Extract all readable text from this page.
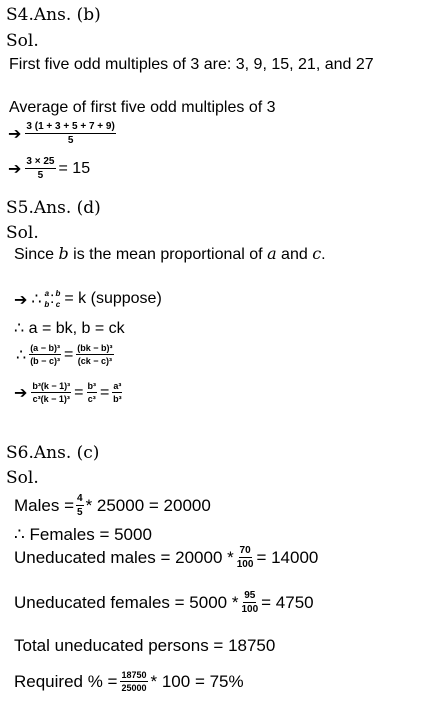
S4.Ans. (b)
Sol.
First five odd multiples of 3 are: 3, 9, 15, 21, and 27
Average of first five odd multiples of 3
➔ $\frac{3 (1 + 3 + 5 + 7 + 9)}{5}$
➔ $\frac{3 \times 25}{5} = 15$
S5.Ans. (d)
Sol.
Since b is the mean proportional of a and c.
➔ ∴ a
b : b
c = k (suppose)
∴ a = bk, b = ck
∴ $\frac{\text{(a − b)³}}{\text{(b − c)³}} = \frac{\text{(bk − b)³}}{\text{(ck − c)³}}$
➔ $\frac{\text{b³(k − 1)³}}{\text{c³(k − 1)³}} = \frac{\text{b³}}{\text{c³}} = \frac{\text{a³}}{\text{b³}}$
S6.Ans. (c)
Sol.
Males = $\frac{4}{5} * 25000 = 20000$
∴ Females = 5000
Uneducated males = $20000 * \frac{70}{100} = 14000$
Uneducated females = $5000 * \frac{95}{100} = 4750$
Total uneducated persons = 18750
Required % = $\frac{18750}{25000} * 100 = 75\%$
